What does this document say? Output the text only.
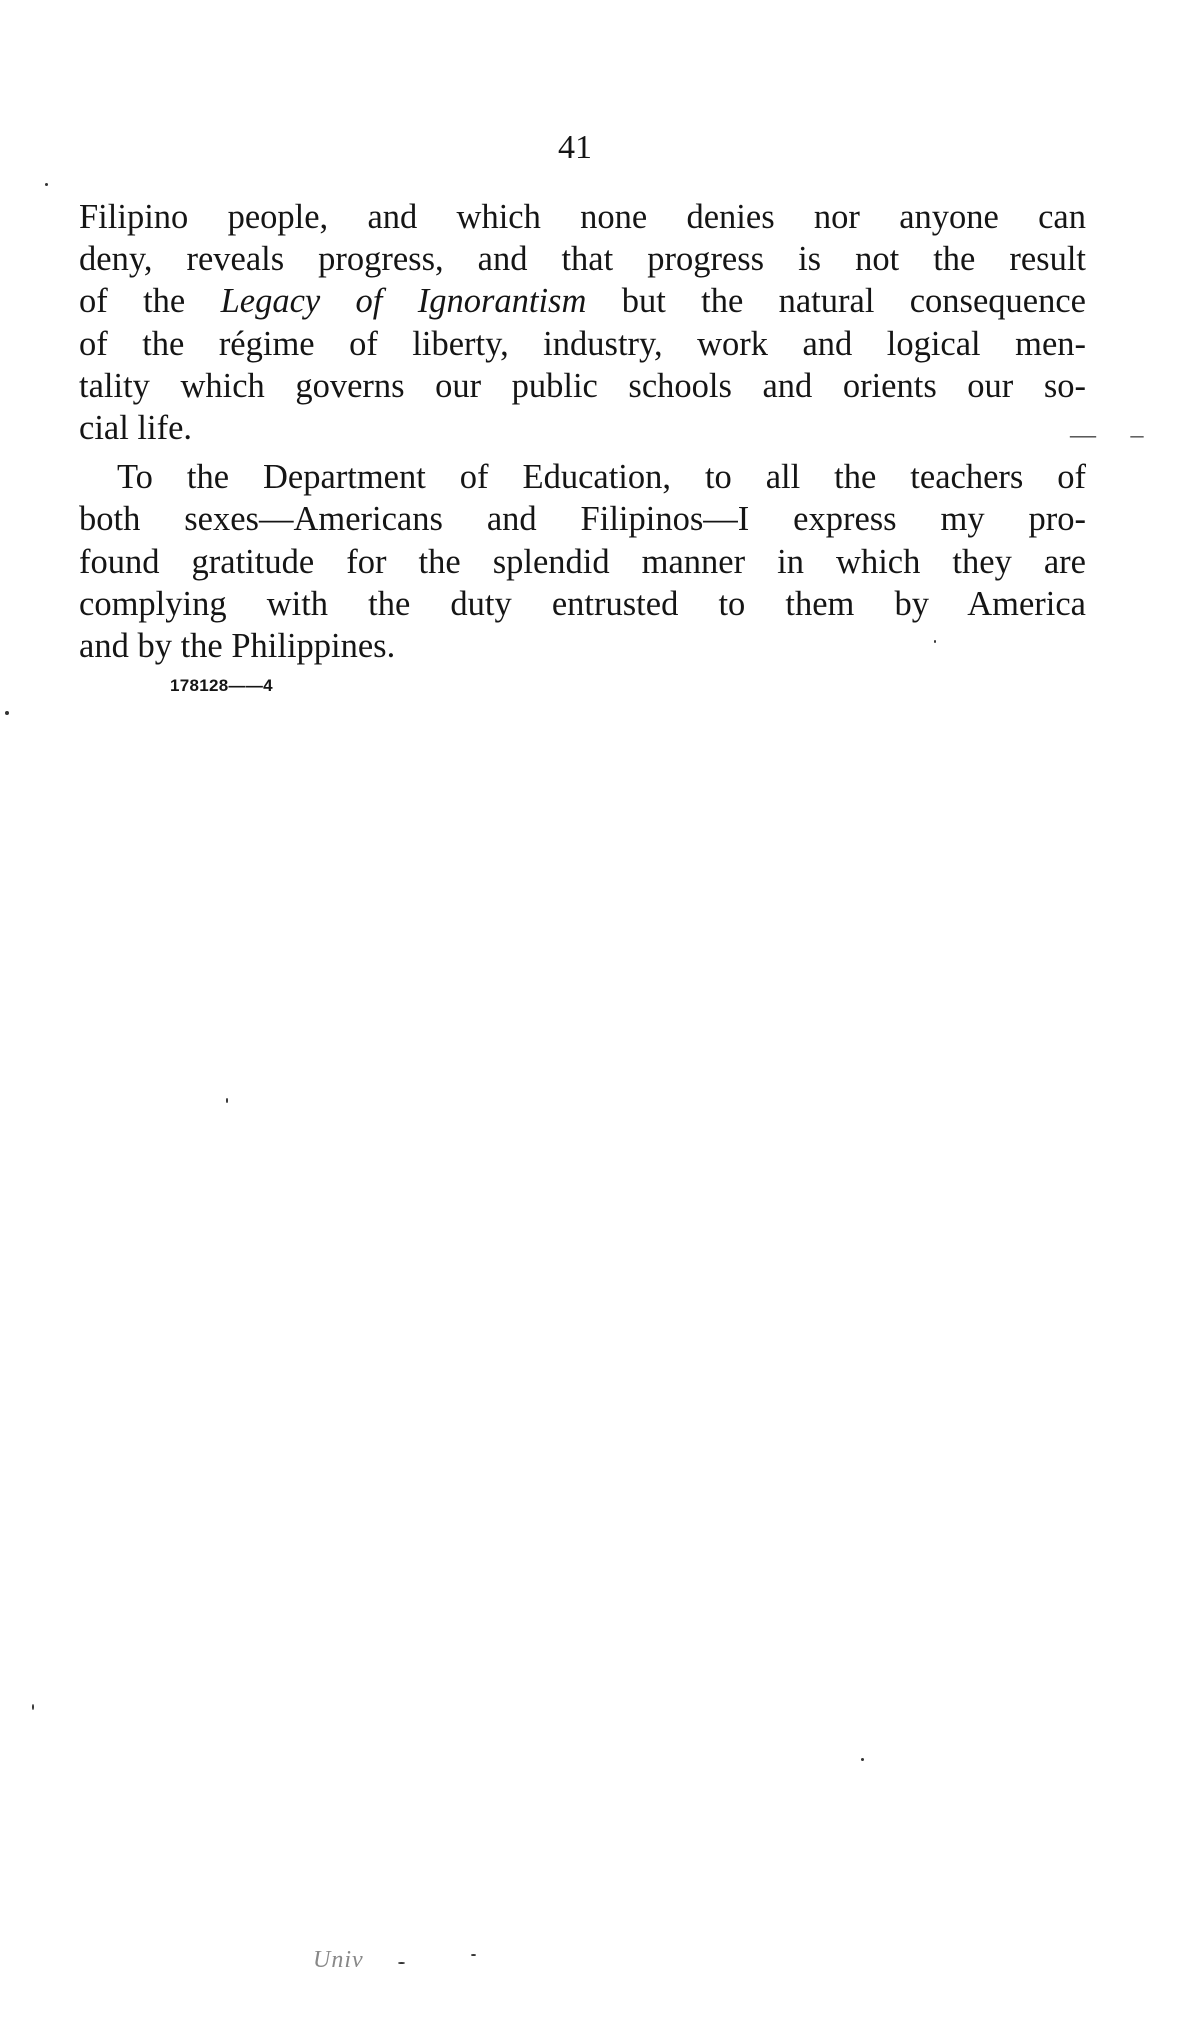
41
Filipino people, and which none denies nor anyone can
deny, reveals progress, and that progress is not the result
of the Legacy of Ignorantism but the natural consequence
of the régime of liberty, industry, work and logical men-
tality which governs our public schools and orients our so-
cial life.
To the Department of Education, to all the teachers of
both sexes—Americans and Filipinos—I express my pro-
found gratitude for the splendid manner in which they are
complying with the duty entrusted to them by America
and by the Philippines.
— –
178128——4
Univ
